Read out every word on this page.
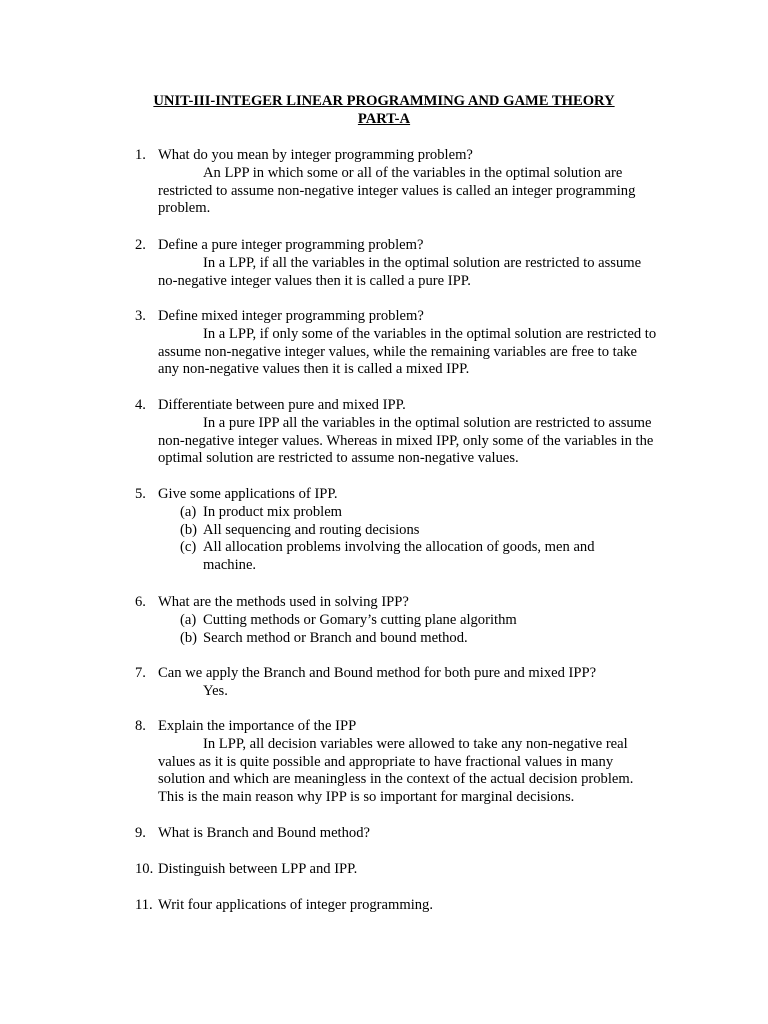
UNIT-III-INTEGER LINEAR PROGRAMMING AND GAME THEORY
PART-A
1. What do you mean by integer programming problem?

An LPP in which some or all of the variables in the optimal solution are restricted to assume non-negative integer values is called an integer programming problem.

2. Define a pure integer programming problem?

In a LPP, if all the variables in the optimal solution are restricted to assume no-negative integer values then it is called a pure IPP.

3. Define mixed integer programming problem?

In a LPP, if only some of the variables in the optimal solution are restricted to assume non-negative integer values, while the remaining variables are free to take any non-negative values then it is called a mixed IPP.

4. Differentiate between pure and mixed IPP.

In a pure IPP all the variables in the optimal solution are restricted to assume non-negative integer values. Whereas in mixed IPP, only some of the variables in the optimal solution are restricted to assume non-negative values.

5. Give some applications of IPP.
(a) In product mix problem
(b) All sequencing and routing decisions
(c) All allocation problems involving the allocation of goods, men and machine.
6. What are the methods used in solving IPP?
(a) Cutting methods or Gomary’s cutting plane algorithm
(b) Search method or Branch and bound method.
7. Can we apply the Branch and Bound method for both pure and mixed IPP?

Yes.

8. Explain the importance of the IPP

In LPP, all decision variables were allowed to take any non-negative real values as it is quite possible and appropriate to have fractional values in many solution and which are meaningless in the context of the actual decision problem. This is the main reason why IPP is so important for marginal decisions.

9. What is Branch and Bound method?
10. Distinguish between LPP and IPP.
11. Writ four applications of integer programming.
